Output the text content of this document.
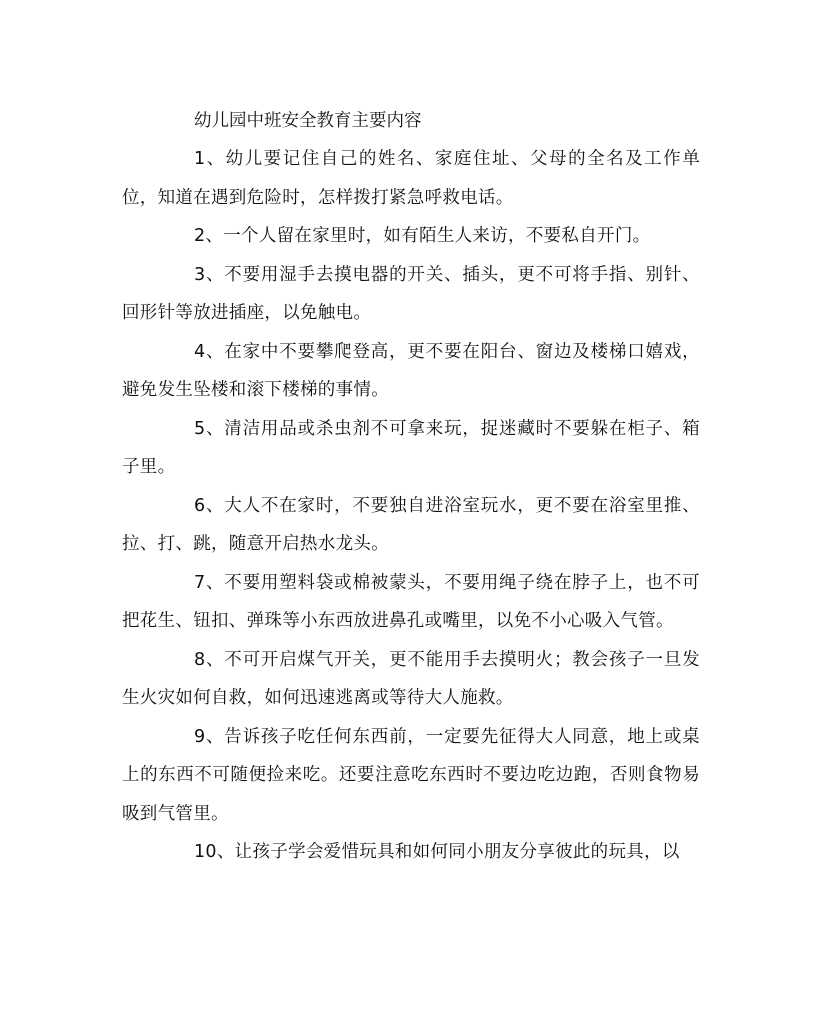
幼儿园中班安全教育主要内容

1、幼儿要记住自己的姓名、家庭住址、父母的全名及工作单位，知道在遇到危险时，怎样拨打紧急呼救电话。

2、一个人留在家里时，如有陌生人来访，不要私自开门。

3、不要用湿手去摸电器的开关、插头，更不可将手指、别针、回形针等放进插座，以免触电。

4、在家中不要攀爬登高，更不要在阳台、窗边及楼梯口嬉戏，避免发生坠楼和滚下楼梯的事情。

5、清洁用品或杀虫剂不可拿来玩，捉迷藏时不要躲在柜子、箱子里。

6、大人不在家时，不要独自进浴室玩水，更不要在浴室里推、拉、打、跳，随意开启热水龙头。

7、不要用塑料袋或棉被蒙头，不要用绳子绕在脖子上，也不可把花生、钮扣、弹珠等小东西放进鼻孔或嘴里，以免不小心吸入气管。

8、不可开启煤气开关，更不能用手去摸明火；教会孩子一旦发生火灾如何自救，如何迅速逃离或等待大人施救。

9、告诉孩子吃任何东西前，一定要先征得大人同意，地上或桌上的东西不可随便捡来吃。还要注意吃东西时不要边吃边跑，否则食物易吸到气管里。

10、让孩子学会爱惜玩具和如何同小朋友分享彼此的玩具，以
